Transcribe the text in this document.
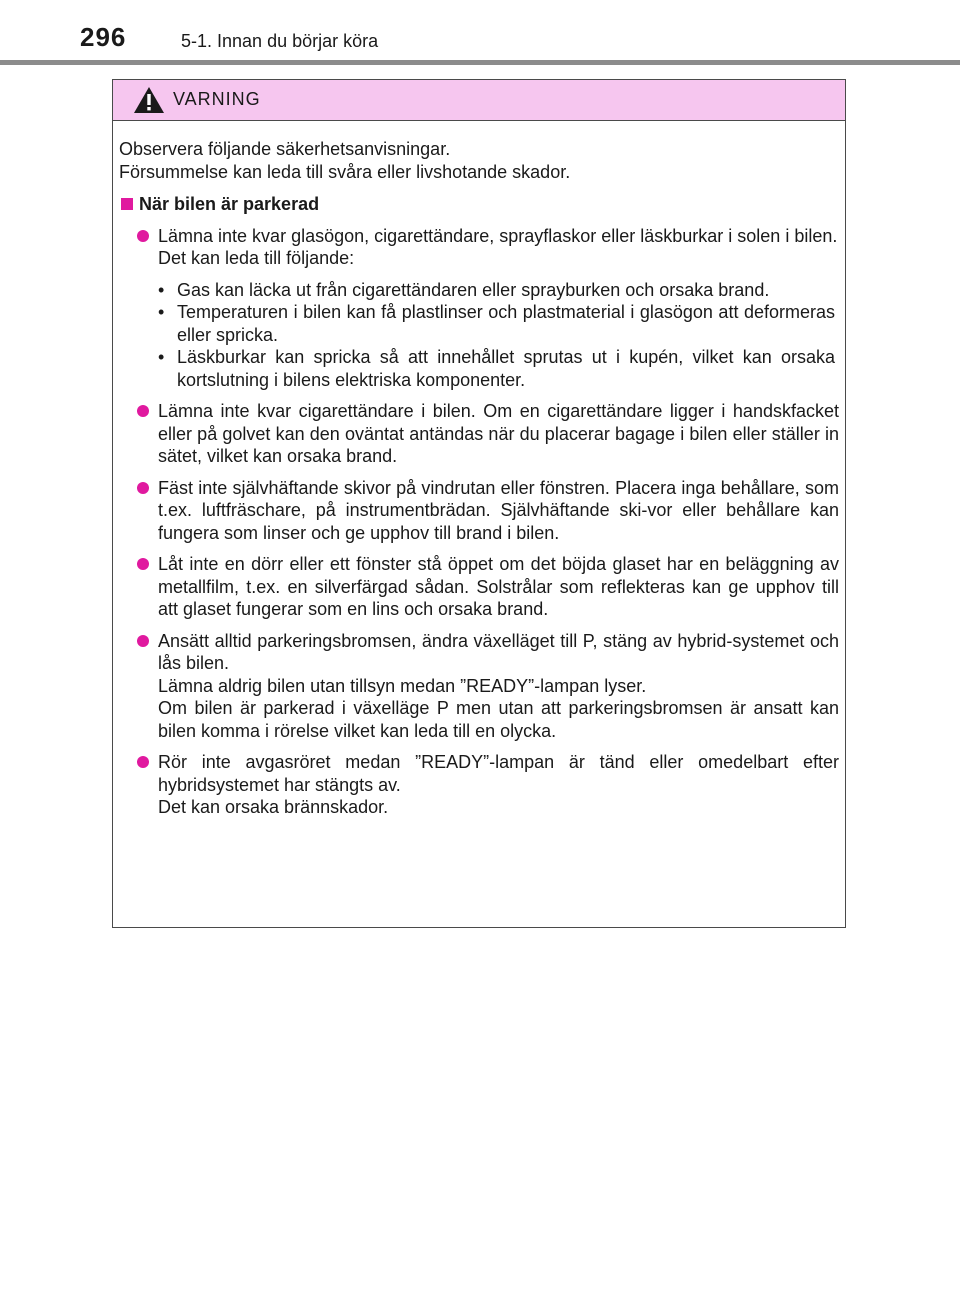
296	5-1. Innan du börjar köra
VARNING

Observera följande säkerhetsanvisningar.

Försummelse kan leda till svåra eller livshotande skador.

När bilen är parkerad

Lämna inte kvar glasögon, cigarettändare, sprayflaskor eller läskburkar i solen i bilen.

Det kan leda till följande:

• Gas kan läcka ut från cigarettändaren eller sprayburken och orsaka brand.
• Temperaturen i bilen kan få plastlinser och plastmaterial i glasögon att deformeras eller spricka.
• Läskburkar kan spricka så att innehållet sprutas ut i kupén, vilket kan orsaka kortslutning i bilens elektriska komponenter.

Lämna inte kvar cigarettändare i bilen. Om en cigarettändare ligger i handskfacket eller på golvet kan den oväntat antändas när du placerar bagage i bilen eller ställer in sätet, vilket kan orsaka brand.

Fäst inte självhäftande skivor på vindrutan eller fönstren. Placera inga behållare, som t.ex. luftfräschare, på instrumentbrädan. Självhäftande ski-vor eller behållare kan fungera som linser och ge upphov till brand i bilen.

Låt inte en dörr eller ett fönster stå öppet om det böjda glaset har en beläggning av metallfilm, t.ex. en silverfärgad sådan. Solstrålar som reflekteras kan ge upphov till att glaset fungerar som en lins och orsaka brand.

Ansätt alltid parkeringsbromsen, ändra växelläget till P, stäng av hybrid-systemet och lås bilen.

Lämna aldrig bilen utan tillsyn medan ”READY”-lampan lyser.

Om bilen är parkerad i växelläge P men utan att parkeringsbromsen är ansatt kan bilen komma i rörelse vilket kan leda till en olycka.

Rör inte avgasröret medan ”READY”-lampan är tänd eller omedelbart efter hybridsystemet har stängts av.

Det kan orsaka brännskador.
